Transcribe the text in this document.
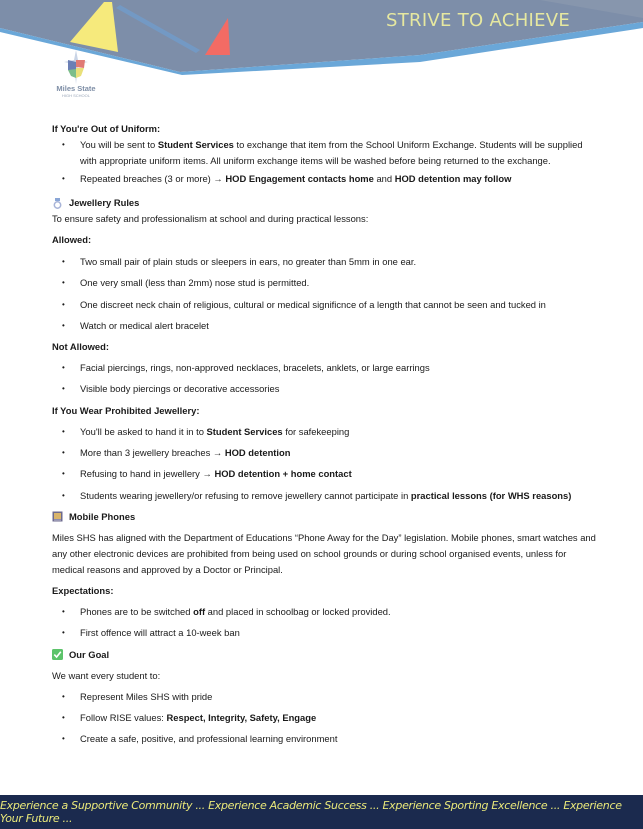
STRIVE TO ACHIEVE
Miles State
HIGH SCHOOL

If You're Out of Uniform:

• You will be sent to Student Services to exchange that item from the School Uniform Exchange. Students will be supplied with appropriate uniform items. All uniform exchange items will be washed before being returned to the exchange.
• Repeated breaches (3 or more) → HOD Engagement contacts home and HOD detention may follow

Jewellery Rules

To ensure safety and professionalism at school and during practical lessons:

Allowed:

• Two small pair of plain studs or sleepers in ears, no greater than 5mm in one ear.
• One very small (less than 2mm) nose stud is permitted.
• One discreet neck chain of religious, cultural or medical significnce of a length that cannot be seen and tucked in
• Watch or medical alert bracelet

Not Allowed:

• Facial piercings, rings, non-approved necklaces, bracelets, anklets, or large earrings
• Visible body piercings or decorative accessories

If You Wear Prohibited Jewellery:

• You'll be asked to hand it in to Student Services for safekeeping
• More than 3 jewellery breaches → HOD detention
• Refusing to hand in jewellery → HOD detention + home contact
• Students wearing jewellery/or refusing to remove jewellery cannot participate in practical lessons (for WHS reasons)

Mobile Phones

Miles SHS has aligned with the Department of Educations “Phone Away for the Day” legislation. Mobile phones, smart watches and any other electronic devices are prohibited from being used on school grounds or during school organised events, unless for medical reasons and approved by a Doctor or Principal.

Expectations:

• Phones are to be switched off and placed in schoolbag or locked provided.
• First offence will attract a 10-week ban

Our Goal

We want every student to:

• Represent Miles SHS with pride
• Follow RISE values: Respect, Integrity, Safety, Engage
• Create a safe, positive, and professional learning environment
Experience a Supportive Community ... Experience Academic Success ... Experience Sporting Excellence ... Experience Your Future ...
